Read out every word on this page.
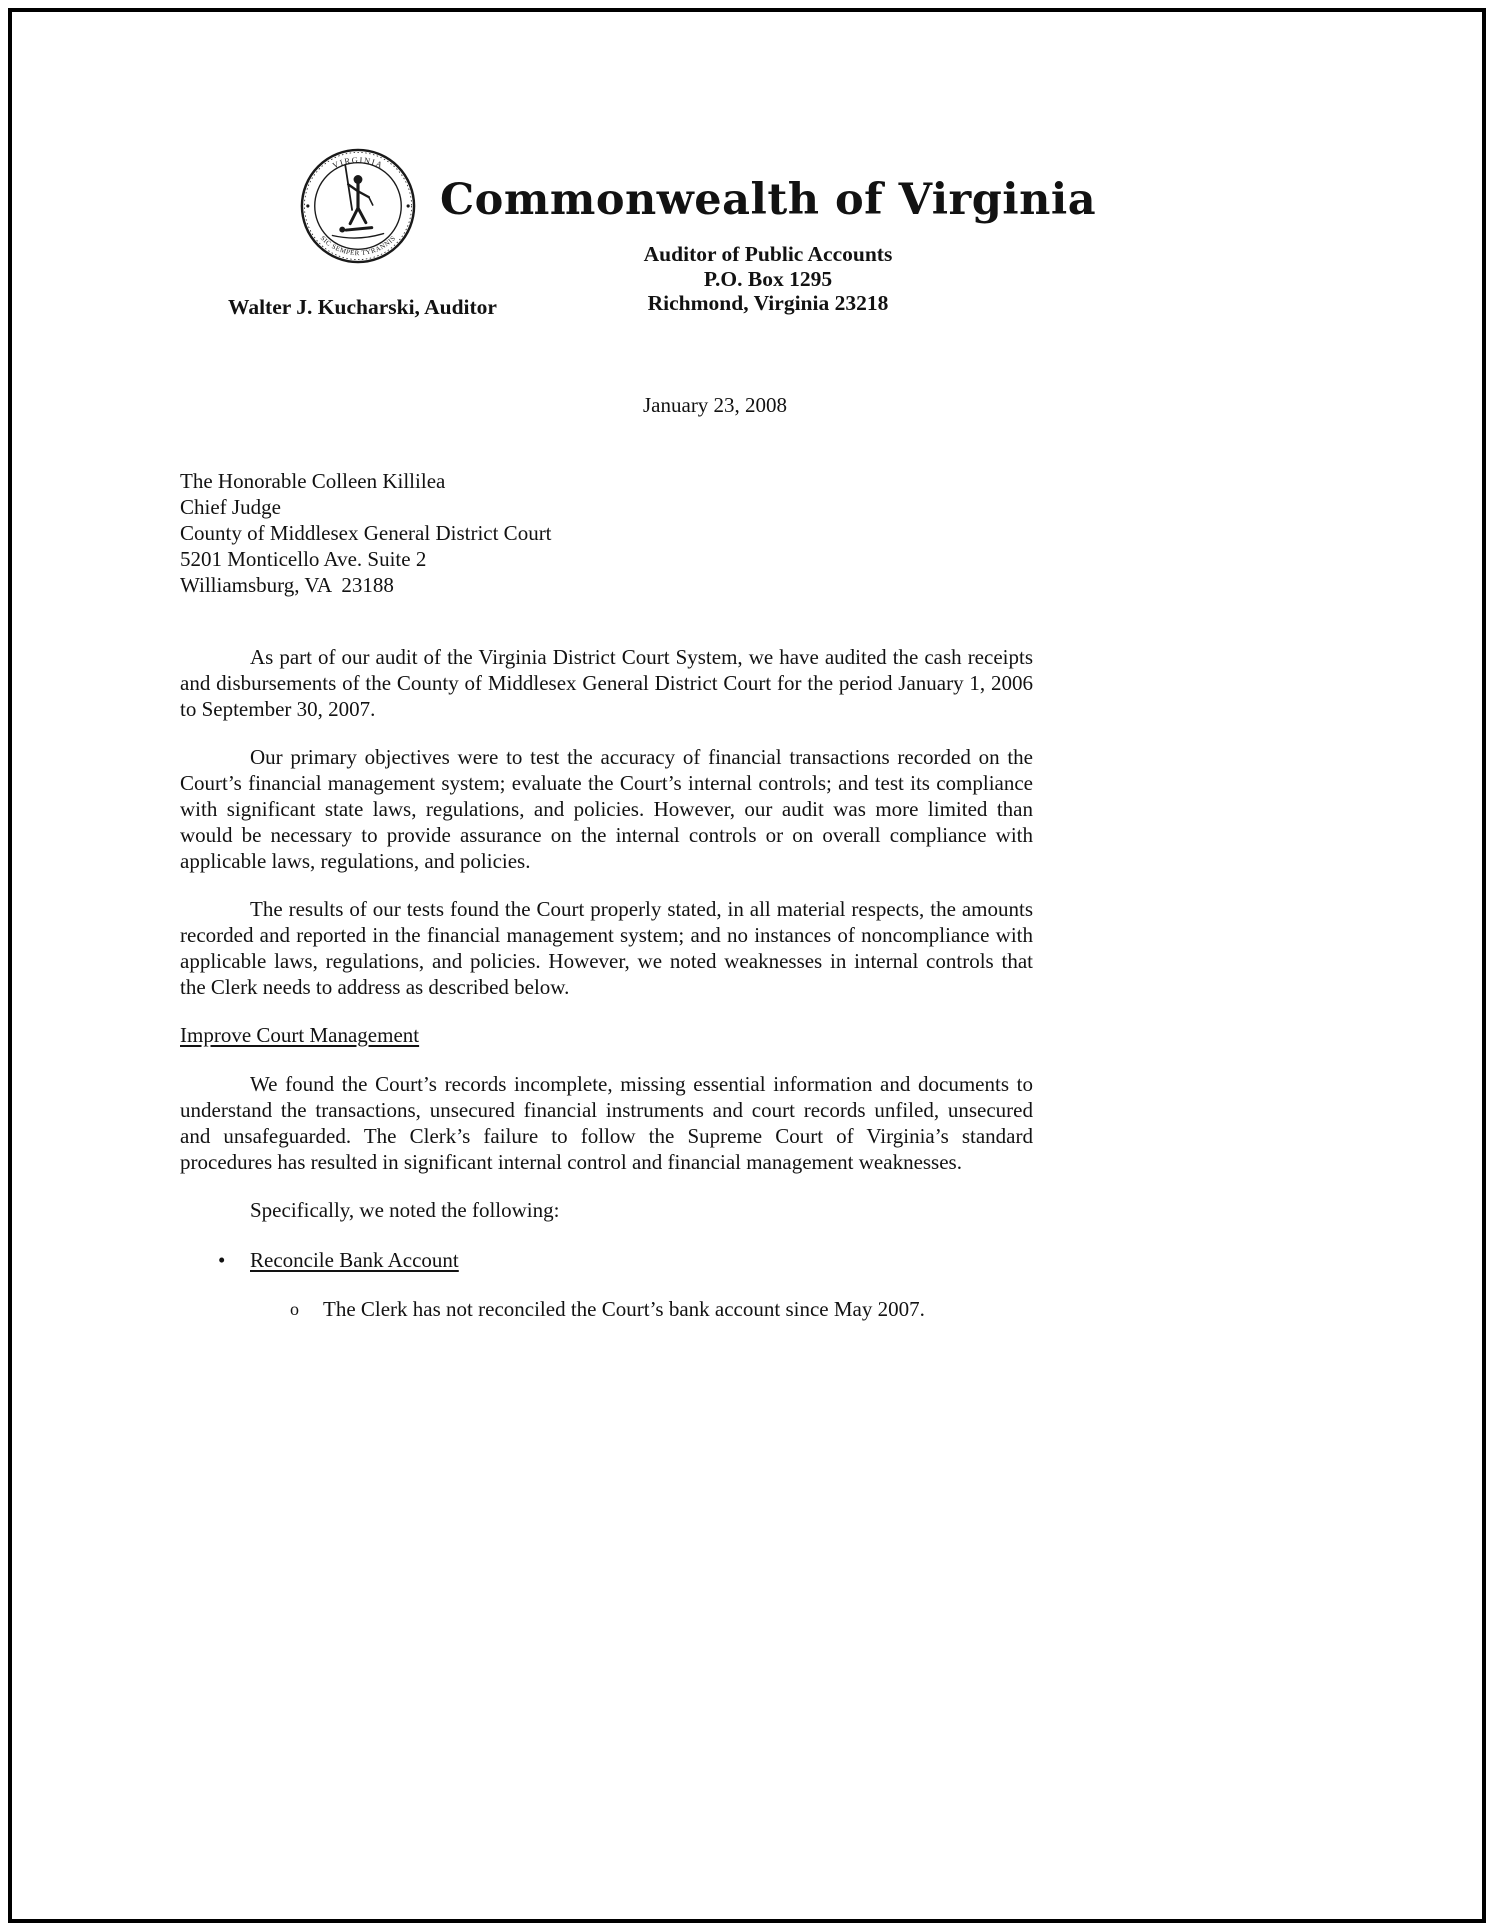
VIRGINIA
SIC SEMPER TYRANNIS
Commonwealth of Virginia
Auditor of Public Accounts
P.O. Box 1295
Richmond, Virginia 23218
Walter J. Kucharski, Auditor
January 23, 2008
The Honorable Colleen Killilea
Chief Judge
County of Middlesex General District Court
5201 Monticello Ave. Suite 2
Williamsburg, VA  23188

As part of our audit of the Virginia District Court System, we have audited the cash receipts and disbursements of the County of Middlesex General District Court for the period January 1, 2006 to September 30, 2007.

Our primary objectives were to test the accuracy of financial transactions recorded on the Court’s financial management system; evaluate the Court’s internal controls; and test its compliance with significant state laws, regulations, and policies. However, our audit was more limited than would be necessary to provide assurance on the internal controls or on overall compliance with applicable laws, regulations, and policies.

The results of our tests found the Court properly stated, in all material respects, the amounts recorded and reported in the financial management system; and no instances of noncompliance with applicable laws, regulations, and policies. However, we noted weaknesses in internal controls that the Clerk needs to address as described below.

Improve Court Management

We found the Court’s records incomplete, missing essential information and documents to understand the transactions, unsecured financial instruments and court records unfiled, unsecured and unsafeguarded. The Clerk’s failure to follow the Supreme Court of Virginia’s standard procedures has resulted in significant internal control and financial management weaknesses.

Specifically, we noted the following:
•	Reconcile Bank Account
o	The Clerk has not reconciled the Court’s bank account since May 2007.
